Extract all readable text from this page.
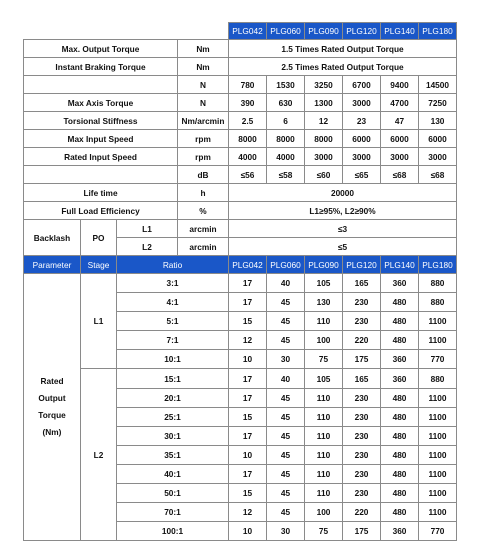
				PLG042	PLG060	PLG090	PLG120	PLG140	PLG180
Max. Output Torque			Nm	1.5 Times Rated Output Torque					
Instant Braking Torque			Nm	2.5 Times Rated Output Torque					
			N	780	1530	3250	6700	9400	14500
Max Axis Torque			N	390	630	1300	3000	4700	7250
Torsional Stiffness			Nm/arcmin	2.5	6	12	23	47	130
Max Input Speed			rpm	8000	8000	8000	6000	6000	6000
Rated Input Speed			rpm	4000	4000	3000	3000	3000	3000
			dB	≤56	≤58	≤60	≤65	≤68	≤68
Life time			h	20000					
Full Load Efficiency			%	L1≥95%, L2≥90%					
Backlash	PO	L1	arcmin	≤3					
		L2	arcmin	≤5					
Parameter	Stage	Ratio		PLG042	PLG060	PLG090	PLG120	PLG140	PLG180

Rated
Output
Torque
(Nm)	L1	3:1		17	40	105	165	360	880
		4:1		17	45	130	230	480	880
		5:1		15	45	110	230	480	1100
		7:1		12	45	100	220	480	1100
		10:1		10	30	75	175	360	770
	L2	15:1		17	40	105	165	360	880
		20:1		17	45	110	230	480	1100
		25:1		15	45	110	230	480	1100
		30:1		17	45	110	230	480	1100
		35:1		10	45	110	230	480	1100
		40:1		17	45	110	230	480	1100
		50:1		15	45	110	230	480	1100
		70:1		12	45	100	220	480	1100
		100:1		10	30	75	175	360	770
